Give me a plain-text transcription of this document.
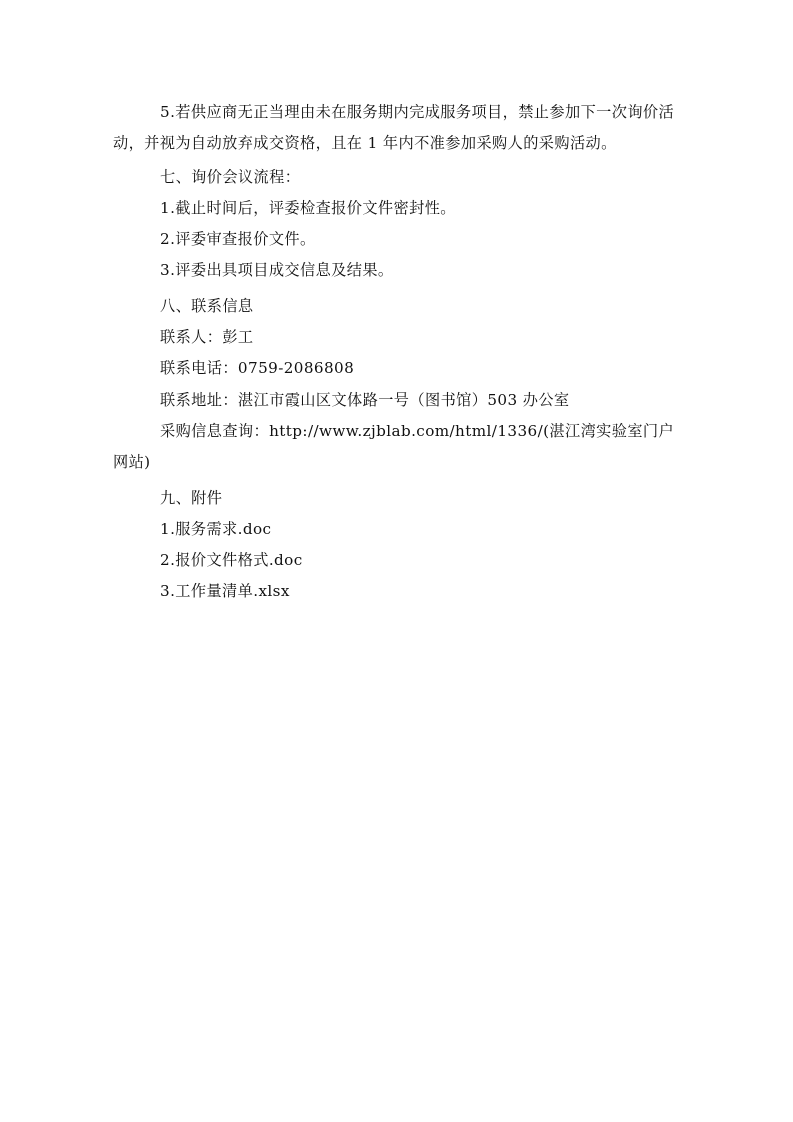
5.若供应商无正当理由未在服务期内完成服务项目，禁止参加下一次询价活动，并视为自动放弃成交资格，且在 1 年内不准参加采购人的采购活动。
七、询价会议流程：
1.截止时间后，评委检查报价文件密封性。
2.评委审查报价文件。
3.评委出具项目成交信息及结果。
八、联系信息
联系人：彭工
联系电话：0759-2086808
联系地址：湛江市霞山区文体路一号（图书馆）503 办公室
采购信息查询：http://www.zjblab.com/html/1336/(湛江湾实验室门户网站)
九、附件
1.服务需求.doc
2.报价文件格式.doc
3.工作量清单.xlsx
